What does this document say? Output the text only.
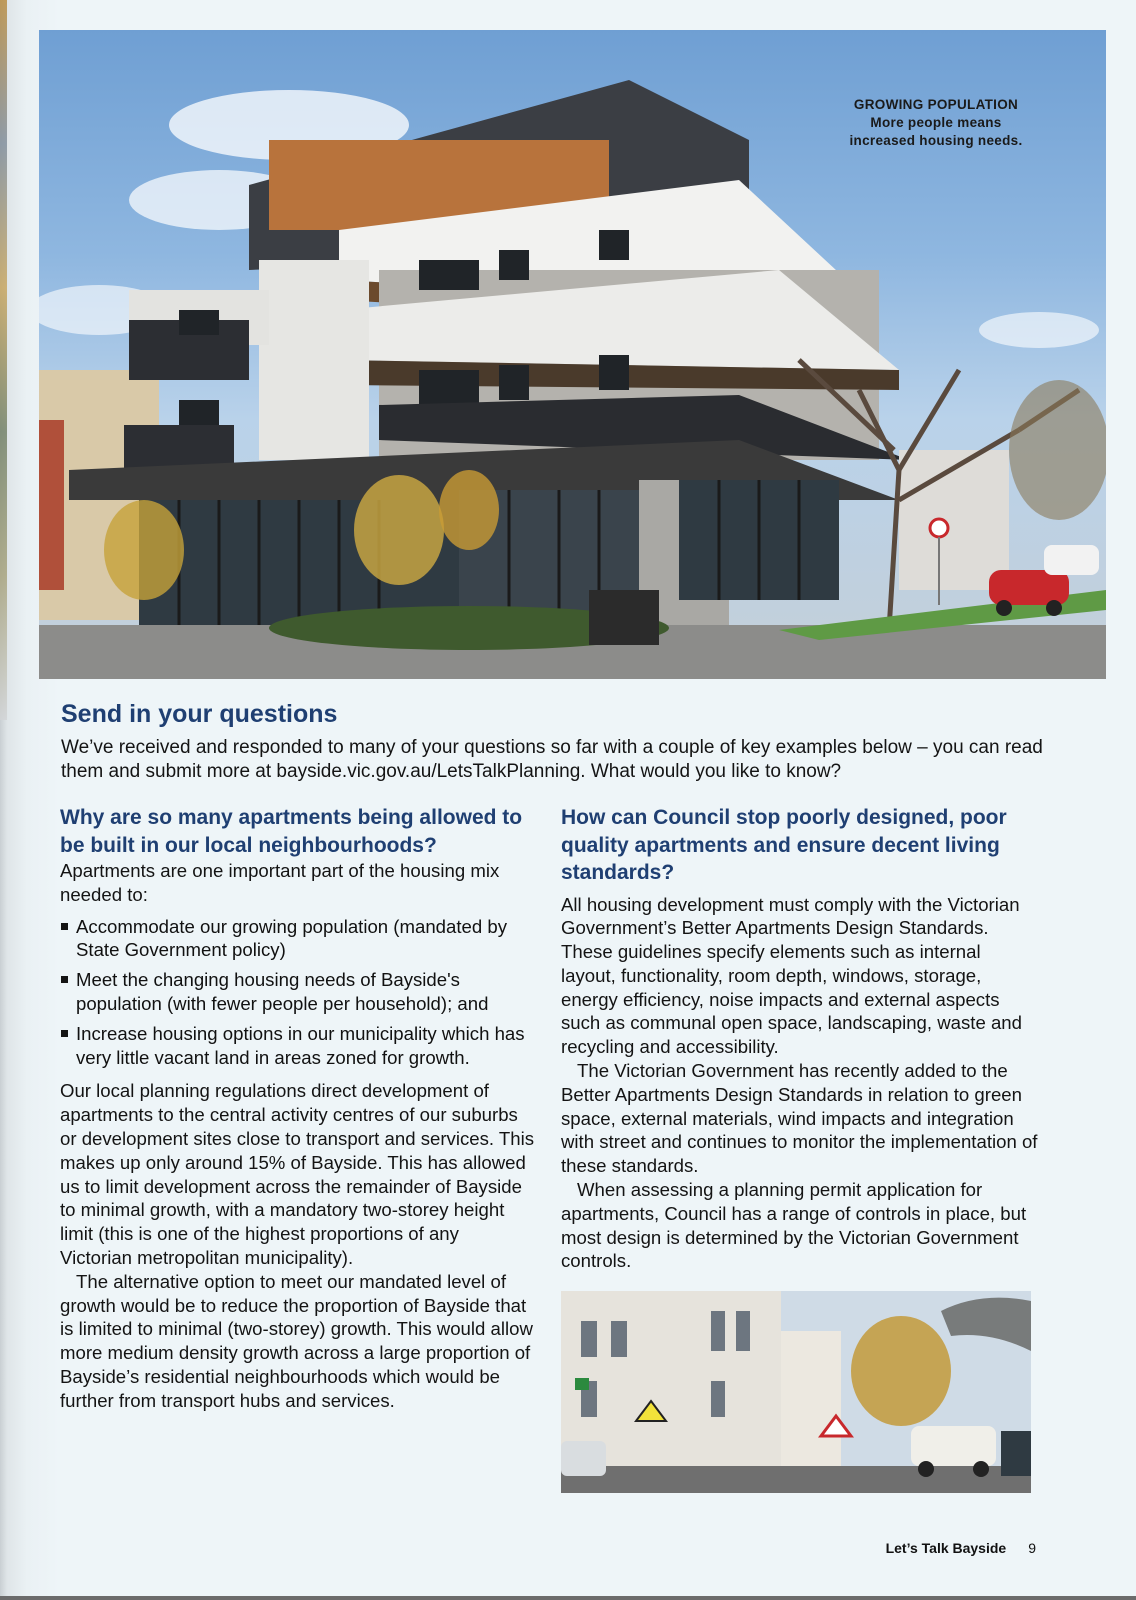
GROWING POPULATION
More people means increased housing needs.
Send in your questions

We’ve received and responded to many of your questions so far with a couple of key examples below – you can read them and submit more at bayside.vic.gov.au/LetsTalkPlanning. What would you like to know?

Why are so many apartments being allowed to be built in our local neighbourhoods?

Apartments are one important part of the housing mix needed to:

Accommodate our growing population (mandated by State Government policy)
Meet the changing housing needs of Bayside's population (with fewer people per household); and
Increase housing options in our municipality which has very little vacant land in areas zoned for growth.

Our local planning regulations direct development of apartments to the central activity centres of our suburbs or development sites close to transport and services. This makes up only around 15% of Bayside. This has allowed us to limit development across the remainder of Bayside to minimal growth, with a mandatory two-storey height limit (this is one of the highest proportions of any Victorian metropolitan municipality).

The alternative option to meet our mandated level of growth would be to reduce the proportion of Bayside that is limited to minimal (two-storey) growth. This would allow more medium density growth across a large proportion of Bayside’s residential neighbourhoods which would be further from transport hubs and services.

How can Council stop poorly designed, poor quality apartments and ensure decent living standards?

All housing development must comply with the Victorian Government’s Better Apartments Design Standards. These guidelines specify elements such as internal layout, functionality, room depth, windows, storage, energy efficiency, noise impacts and external aspects such as communal open space, landscaping, waste and recycling and accessibility.

The Victorian Government has recently added to the Better Apartments Design Standards in relation to green space, external materials, wind impacts and integration with street and continues to monitor the implementation of these standards.

When assessing a planning permit application for apartments, Council has a range of controls in place, but most design is determined by the Victorian Government controls.

Let’s Talk Bayside 9
